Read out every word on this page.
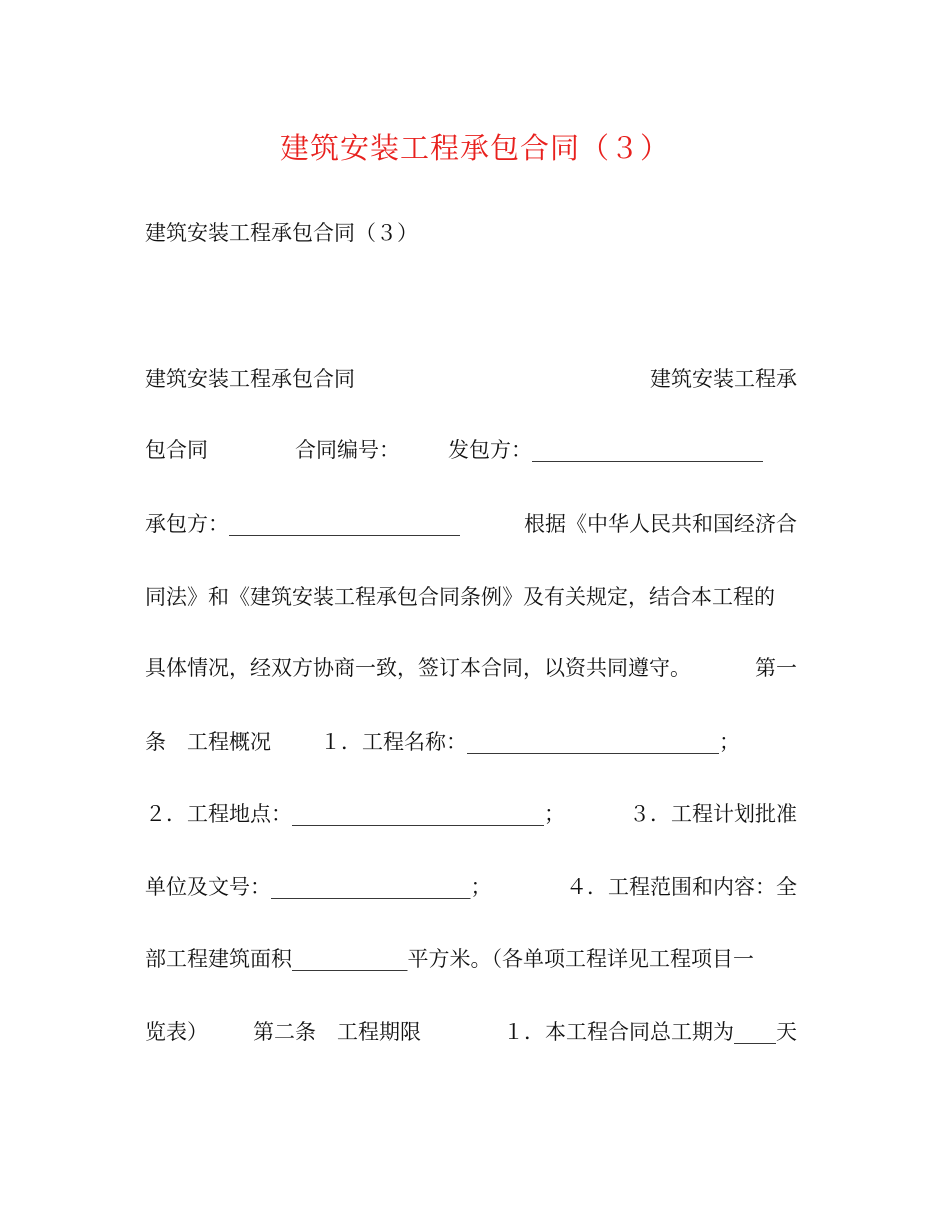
建筑安装工程承包合同（３）
建筑安装工程承包合同（３）
建筑安装工程承包合同	建筑安装工程承
包合同	合同编号： 发包方：______________________
承包方：______________________	根据《中华人民共和国经济合
同法》和《建筑安装工程承包合同条例》及有关规定，结合本工程的
具体情况，经双方协商一致，签订本合同，以资共同遵守。	第一
条　工程概况 １．工程名称：________________________；
２．工程地点：________________________；	３．工程计划批准
单位及文号：___________________；	４．工程范围和内容：全
部工程建筑面积___________平方米。（各单项工程详见工程项目一
览表） 第二条　工程期限	１．本工程合同总工期为____天
